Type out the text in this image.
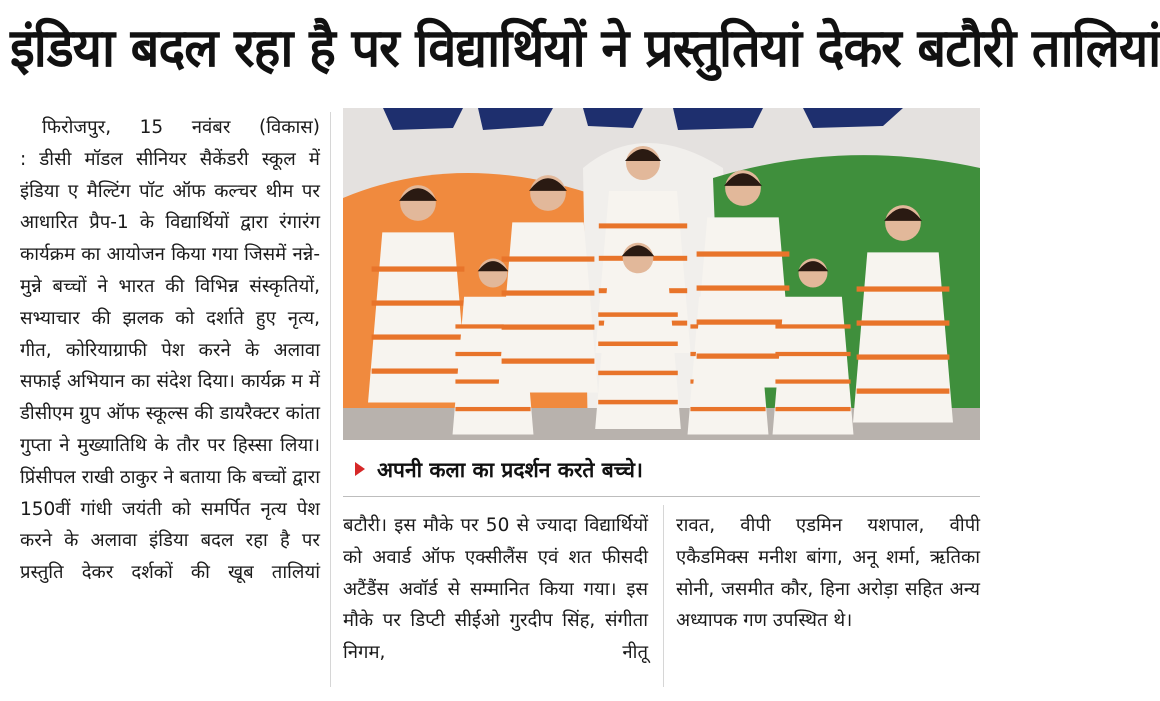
इंडिया बदल रहा है पर विद्यार्थियों ने प्रस्तुतियां देकर बटौरी तालियां

फिरोजपुर, 15 नवंबर (विकास)

: डीसी मॉडल सीनियर सैकेंडरी स्कूल में इंडिया ए मैल्टिंग पॉट ऑफ कल्चर थीम पर आधारित प्रैप-1 के विद्यार्थियों द्वारा रंगारंग कार्यक्रम का आयोजन किया गया जिसमें नन्ने-मुन्ने बच्चों ने भारत की विभिन्न संस्कृतियों, सभ्याचार की झलक को दर्शाते हुए नृत्य, गीत, कोरियाग्राफी पेश करने के अलावा सफाई अभियान का संदेश दिया। कार्यक्र म में डीसीएम ग्रुप ऑफ स्कूल्स की डायरैक्टर कांता गुप्ता ने मुख्यातिथि के तौर पर हिस्सा लिया। प्रिंसीपल राखी ठाकुर ने बताया कि बच्चों द्वारा 150वीं गांधी जयंती को समर्पित नृत्य पेश करने के अलावा इंडिया बदल रहा है पर प्रस्तुति देकर दर्शकों की खूब तालियां

अपनी कला का प्रदर्शन करते बच्चे।

बटौरी। इस मौके पर 50 से ज्यादा विद्यार्थियों को अवार्ड ऑफ एक्सीलैंस एवं शत फीसदी अटैंडैंस अवॉर्ड से सम्मानित किया गया। इस मौके पर डिप्टी सीईओ गुरदीप सिंह, संगीता निगम, नीतू

रावत, वीपी एडमिन यशपाल, वीपी एकैडमिक्स मनीश बांगा, अनू शर्मा, ऋतिका सोनी, जसमीत कौर, हिना अरोड़ा सहित अन्य अध्यापक गण उपस्थित थे।
